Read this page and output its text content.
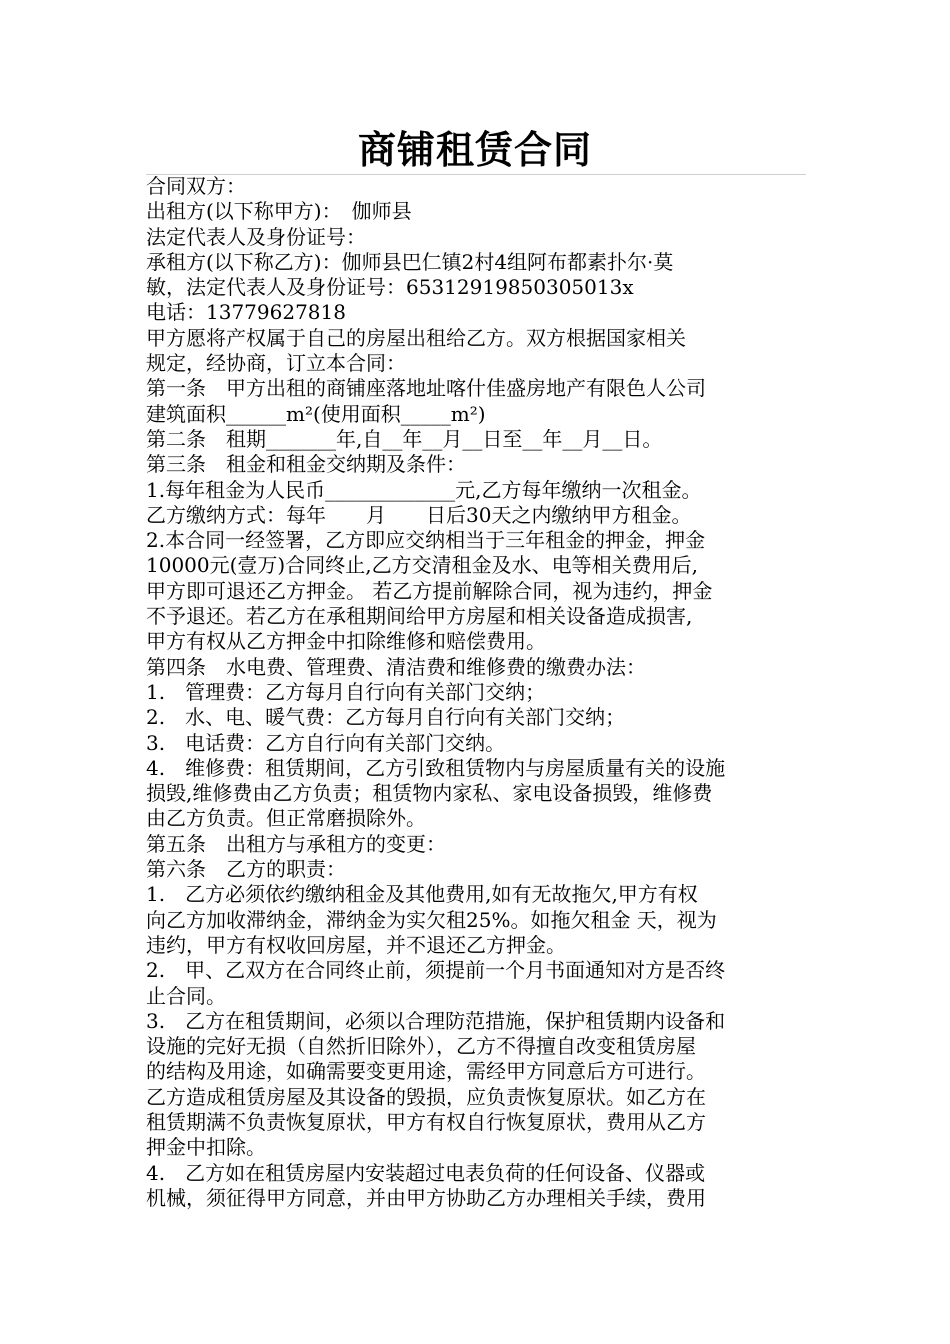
商铺租赁合同
合同双方：
出租方(以下称甲方)：　伽师县
法定代表人及身份证号：
承租方(以下称乙方)：伽师县巴仁镇2村4组阿布都素扑尔·莫
敏，法定代表人及身份证号：65312919850305013x
电话：13779627818
甲方愿将产权属于自己的房屋出租给乙方。双方根据国家相关
规定，经协商，订立本合同：
第一条　甲方出租的商铺座落地址喀什佳盛房地产有限色人公司
建筑面积______m²(使用面积_____m²)
第二条　租期_______年,自__年__月__日至__年__月__日。
第三条　租金和租金交纳期及条件：
1.每年租金为人民币_____________元,乙方每年缴纳一次租金。
乙方缴纳方式：每年　　月　　日后30天之内缴纳甲方租金。
2.本合同一经签署，乙方即应交纳相当于三年租金的押金，押金
10000元(壹万)合同终止,乙方交清租金及水、电等相关费用后,
甲方即可退还乙方押金。 若乙方提前解除合同，视为违约，押金
不予退还。若乙方在承租期间给甲方房屋和相关设备造成损害,
甲方有权从乙方押金中扣除维修和赔偿费用。
第四条　水电费、管理费、清洁费和维修费的缴费办法：
1.　管理费：乙方每月自行向有关部门交纳；
2.　水、电、暖气费：乙方每月自行向有关部门交纳；
3.　电话费：乙方自行向有关部门交纳。
4.　维修费：租赁期间，乙方引致租赁物内与房屋质量有关的设施
损毁,维修费由乙方负责；租赁物内家私、家电设备损毁，维修费
由乙方负责。但正常磨损除外。
第五条　出租方与承租方的变更：
第六条　乙方的职责：
1.　乙方必须依约缴纳租金及其他费用,如有无故拖欠,甲方有权
向乙方加收滞纳金，滞纳金为实欠租25%。如拖欠租金 天，视为
违约，甲方有权收回房屋，并不退还乙方押金。
2.　甲、乙双方在合同终止前，须提前一个月书面通知对方是否终
止合同。
3.　乙方在租赁期间，必须以合理防范措施，保护租赁期内设备和
设施的完好无损（自然折旧除外），乙方不得擅自改变租赁房屋
的结构及用途，如确需要变更用途，需经甲方同意后方可进行。
乙方造成租赁房屋及其设备的毁损，应负责恢复原状。如乙方在
租赁期满不负责恢复原状，甲方有权自行恢复原状，费用从乙方
押金中扣除。
4.　乙方如在租赁房屋内安装超过电表负荷的任何设备、仪器或
机械，须征得甲方同意，并由甲方协助乙方办理相关手续，费用
